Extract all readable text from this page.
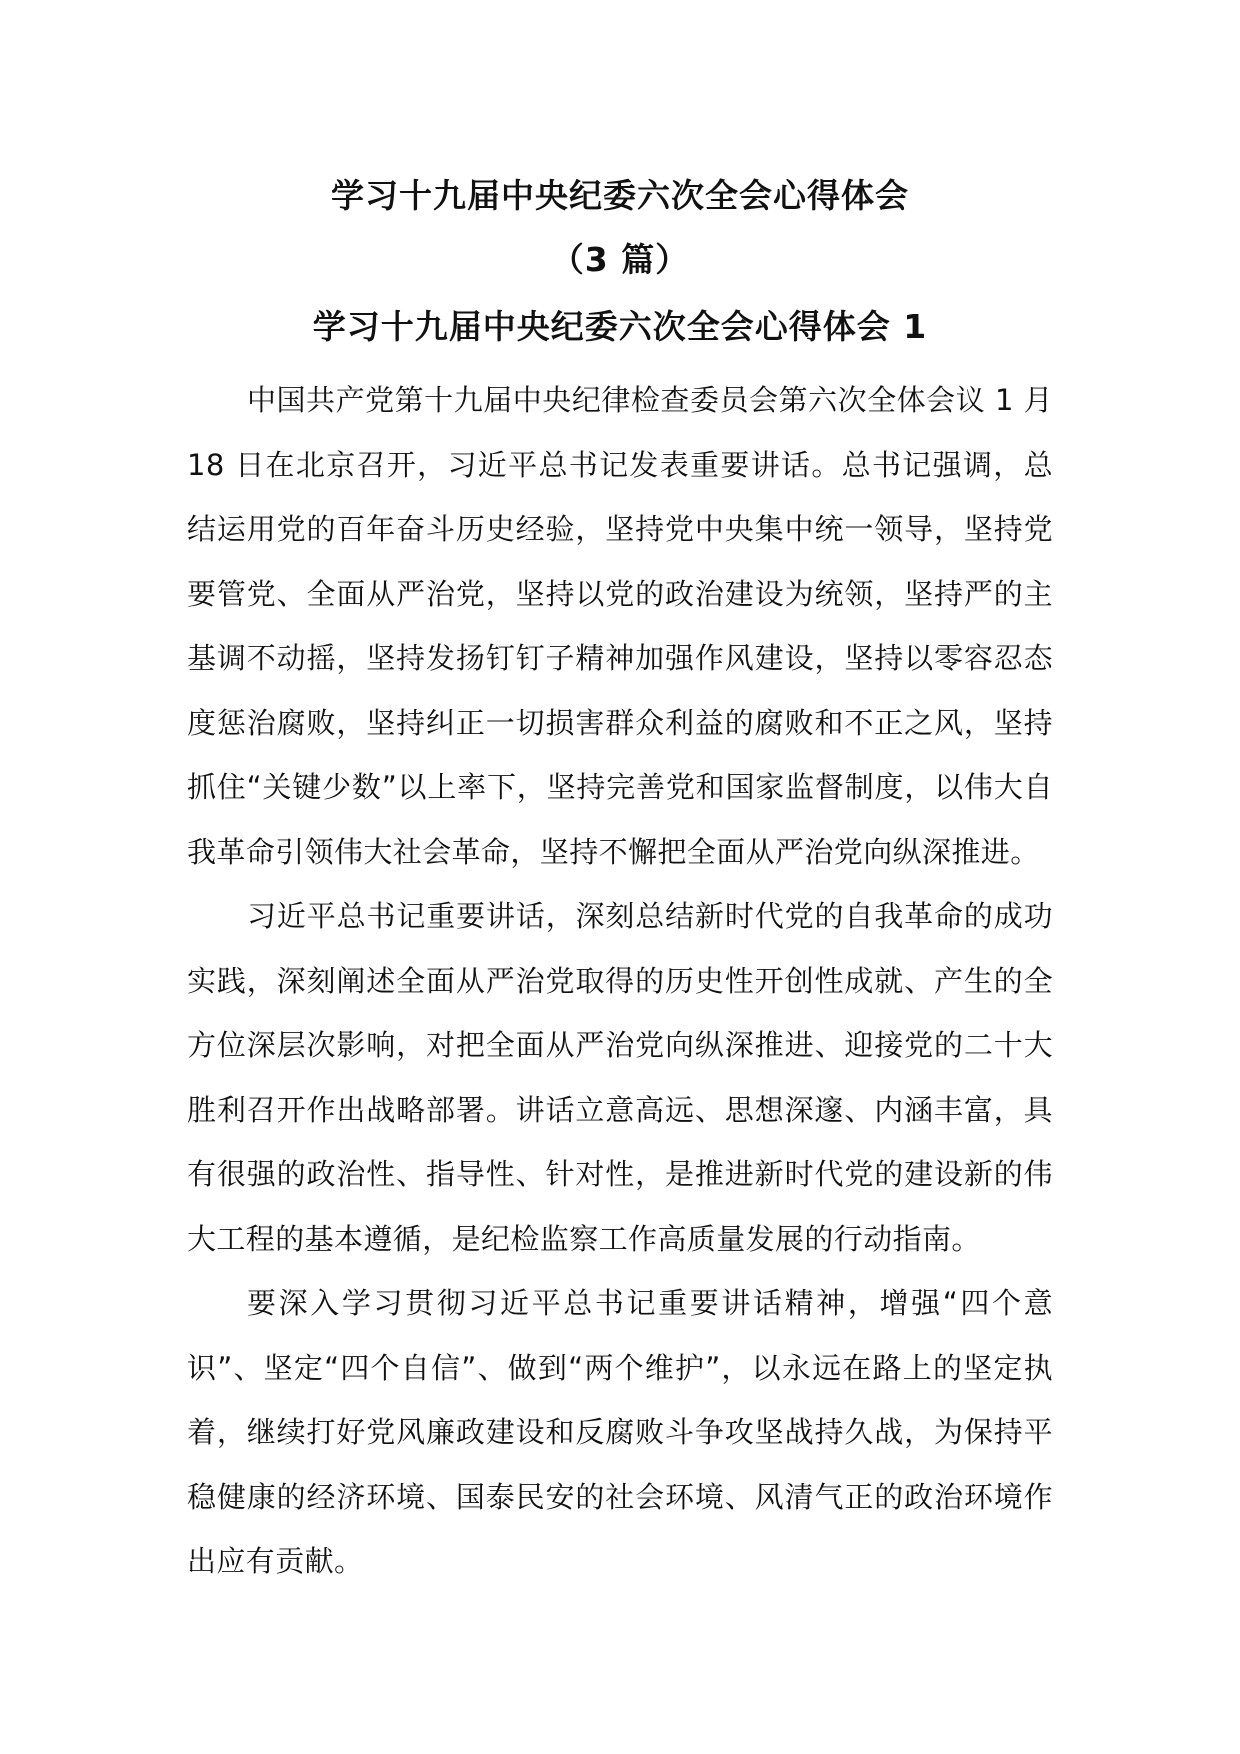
学习十九届中央纪委六次全会心得体会
（3 篇）
学习十九届中央纪委六次全会心得体会 1

中国共产党第十九届中央纪律检查委员会第六次全体会议 1 月 18 日在北京召开，习近平总书记发表重要讲话。总书记强调，总结运用党的百年奋斗历史经验，坚持党中央集中统一领导，坚持党要管党、全面从严治党，坚持以党的政治建设为统领，坚持严的主基调不动摇，坚持发扬钉钉子精神加强作风建设，坚持以零容忍态度惩治腐败，坚持纠正一切损害群众利益的腐败和不正之风，坚持抓住“关键少数”以上率下，坚持完善党和国家监督制度，以伟大自我革命引领伟大社会革命，坚持不懈把全面从严治党向纵深推进。

习近平总书记重要讲话，深刻总结新时代党的自我革命的成功实践，深刻阐述全面从严治党取得的历史性开创性成就、产生的全方位深层次影响，对把全面从严治党向纵深推进、迎接党的二十大胜利召开作出战略部署。讲话立意高远、思想深邃、内涵丰富，具有很强的政治性、指导性、针对性，是推进新时代党的建设新的伟大工程的基本遵循，是纪检监察工作高质量发展的行动指南。

要深入学习贯彻习近平总书记重要讲话精神，增强“四个意识”、坚定“四个自信”、做到“两个维护”，以永远在路上的坚定执着，继续打好党风廉政建设和反腐败斗争攻坚战持久战，为保持平稳健康的经济环境、国泰民安的社会环境、风清气正的政治环境作出应有贡献。
